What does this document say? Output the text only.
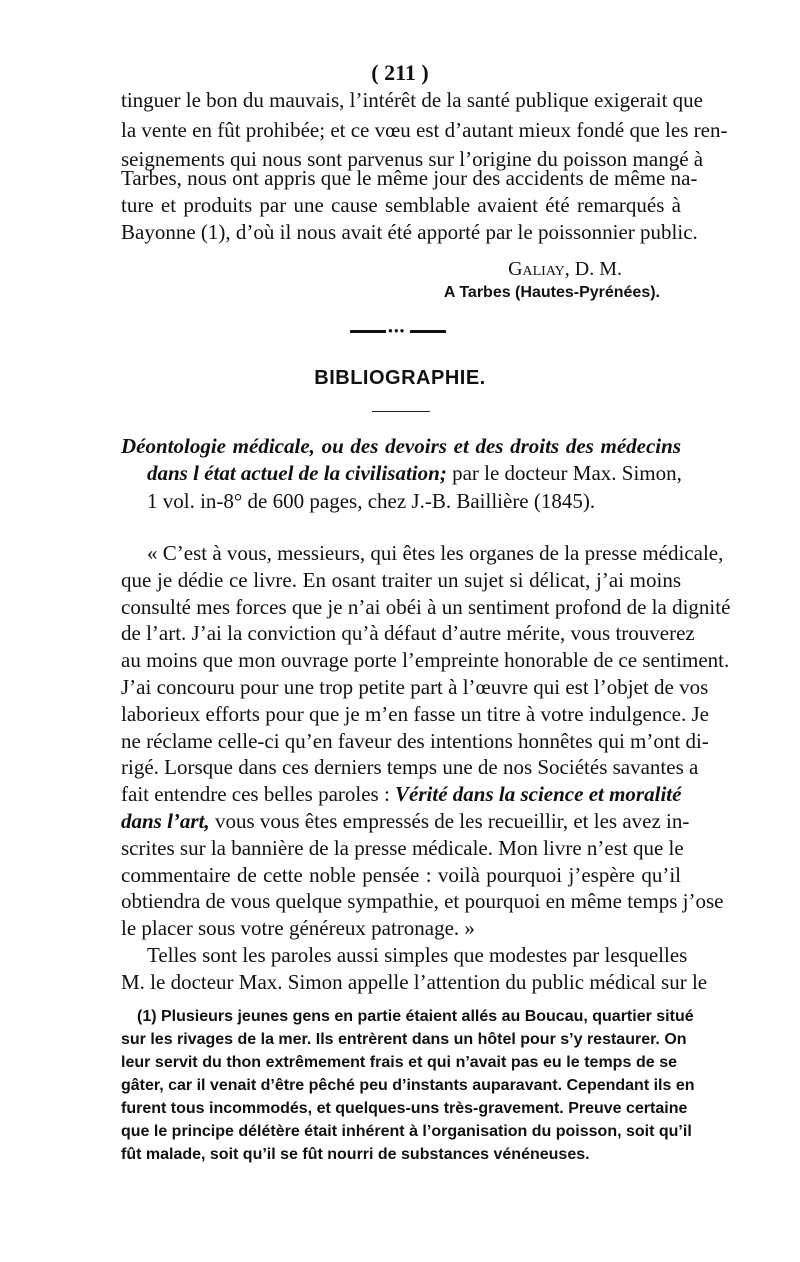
( 211 )
tinguer le bon du mauvais, l’intérêt de la santé publique exigerait que
la vente en fût prohibée; et ce vœu est d’autant mieux fondé que les ren-
seignements qui nous sont parvenus sur l’origine du poisson mangé à
Tarbes, nous ont appris que le même jour des accidents de même na-
ture et produits par une cause semblable avaient été remarqués à
Bayonne (1), d’où il nous avait été apporté par le poissonnier public.
Galiay, D. M.
A Tarbes (Hautes-Pyrénées).
●●●
BIBLIOGRAPHIE.
Déontologie médicale, ou des devoirs et des droits des médecins
dans l état actuel de la civilisation; par le docteur Max. Simon,
1 vol. in-8° de 600 pages, chez J.-B. Baillière (1845).
« C’est à vous, messieurs, qui êtes les organes de la presse médicale,
que je dédie ce livre. En osant traiter un sujet si délicat, j’ai moins
consulté mes forces que je n’ai obéi à un sentiment profond de la dignité
de l’art. J’ai la conviction qu’à défaut d’autre mérite, vous trouverez
au moins que mon ouvrage porte l’empreinte honorable de ce sentiment.
J’ai concouru pour une trop petite part à l’œuvre qui est l’objet de vos
laborieux efforts pour que je m’en fasse un titre à votre indulgence. Je
ne réclame celle-ci qu’en faveur des intentions honnêtes qui m’ont di-
rigé. Lorsque dans ces derniers temps une de nos Sociétés savantes a
fait entendre ces belles paroles : Vérité dans la science et moralité
dans l’art, vous vous êtes empressés de les recueillir, et les avez in-
scrites sur la bannière de la presse médicale. Mon livre n’est que le
commentaire de cette noble pensée : voilà pourquoi j’espère qu’il
obtiendra de vous quelque sympathie, et pourquoi en même temps j’ose
le placer sous votre généreux patronage. »
Telles sont les paroles aussi simples que modestes par lesquelles
M. le docteur Max. Simon appelle l’attention du public médical sur le
(1) Plusieurs jeunes gens en partie étaient allés au Boucau, quartier situé
sur les rivages de la mer. Ils entrèrent dans un hôtel pour s’y restaurer. On
leur servit du thon extrêmement frais et qui n’avait pas eu le temps de se
gâter, car il venait d’être pêché peu d’instants auparavant. Cependant ils en
furent tous incommodés, et quelques-uns très-gravement. Preuve certaine
que le principe délétère était inhérent à l’organisation du poisson, soit qu’il
fût malade, soit qu’il se fût nourri de substances vénéneuses.
